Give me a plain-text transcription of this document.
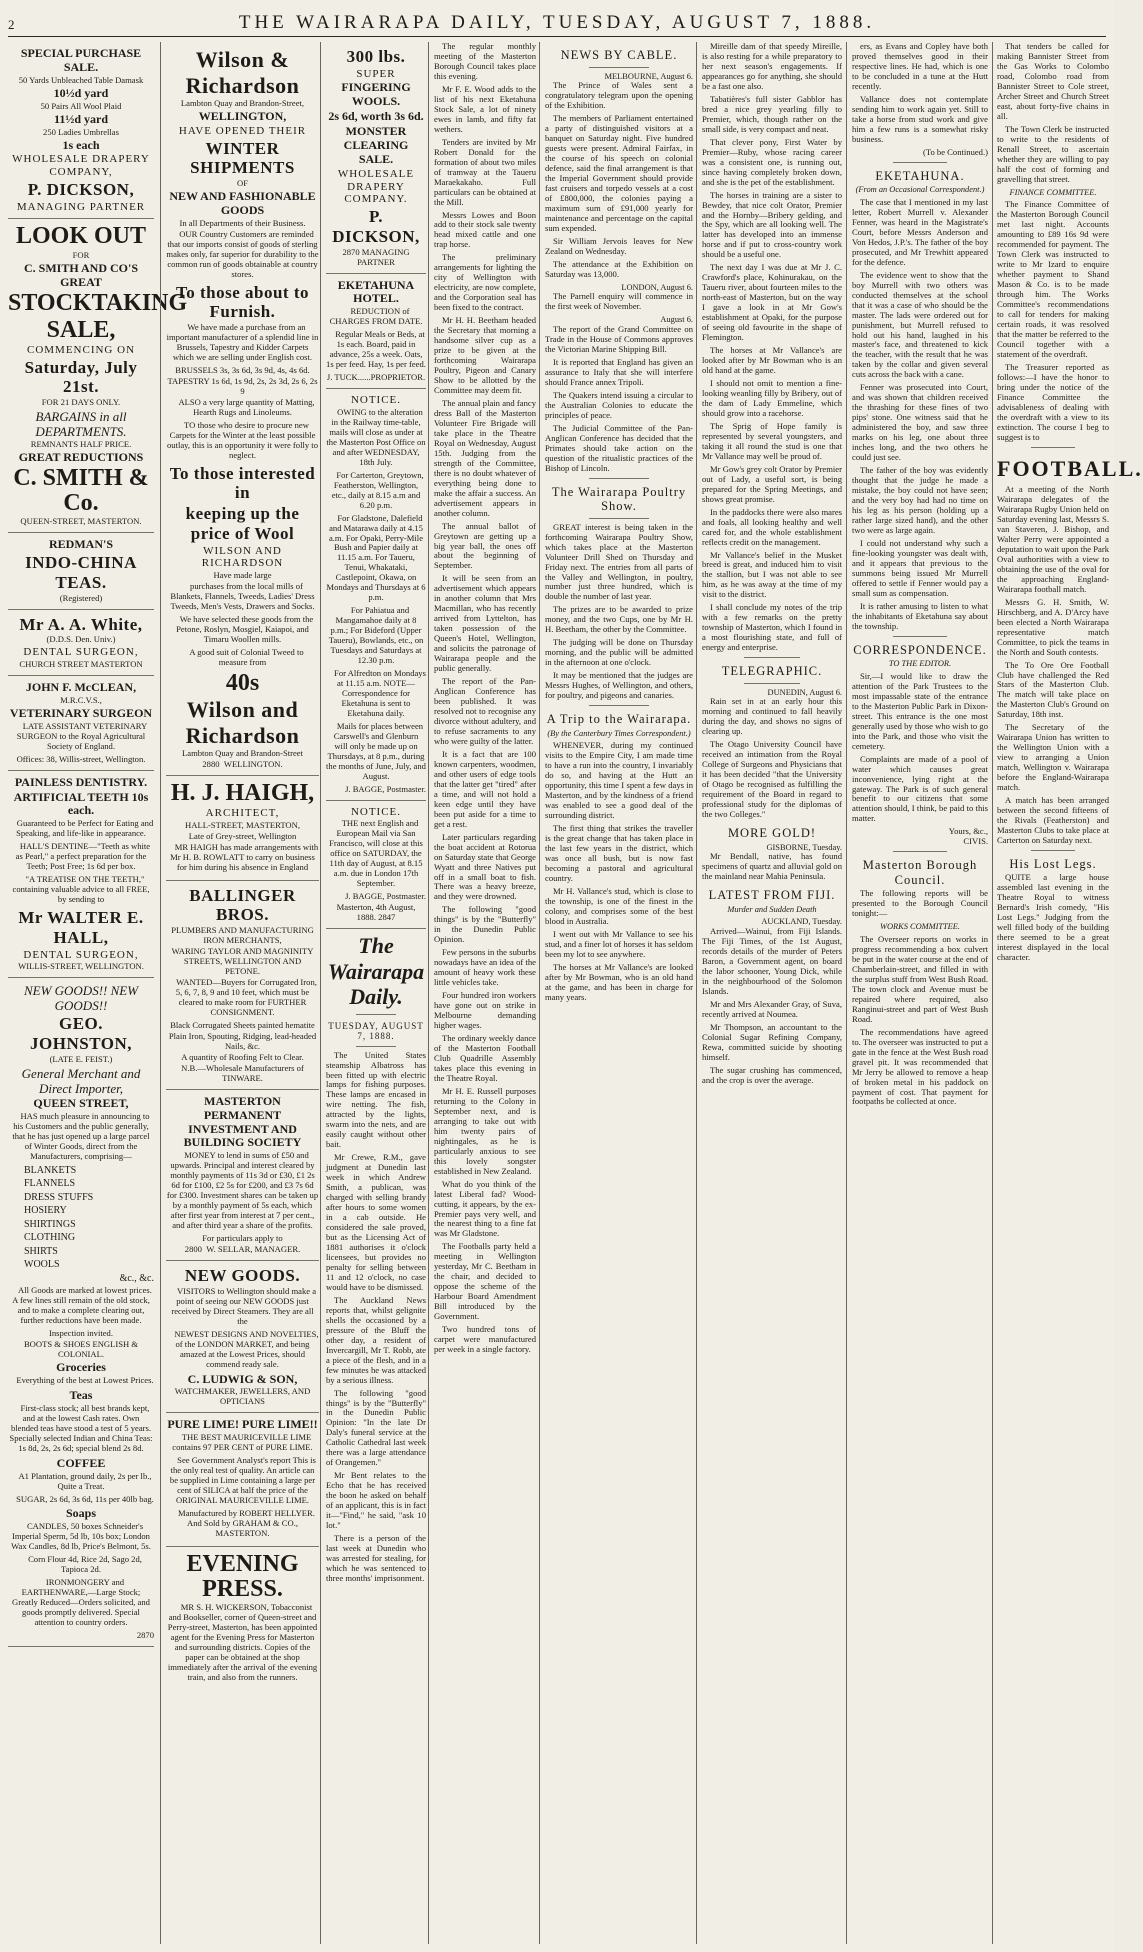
2	THE WAIRARAPA DAILY, TUESDAY, AUGUST 7, 1888.
SPECIAL PURCHASE SALE.
50 Yards Unbleached Table Damask
10½d yard
50 Pairs All Wool Plaid
11½d yard
250 Ladies Umbrellas
1s each
WHOLESALE DRAPERY COMPANY,
P. DICKSON,
MANAGING PARTNER
LOOK OUT
FOR
C. SMITH AND CO'S
GREAT
STOCKTAKING
SALE,
COMMENCING ON
Saturday, July 21st.
FOR 21 DAYS ONLY.
BARGAINS in all DEPARTMENTS.
REMNANTS HALF PRICE.
GREAT REDUCTIONS
C. SMITH & Co.
QUEEN-STREET, MASTERTON.
REDMAN'S
INDO-CHINA TEAS.
(Registered)
Mr A. A. White,
(D.D.S. Den. Univ.)
DENTAL SURGEON,
CHURCH STREET MASTERTON
JOHN F. McCLEAN,
M.R.C.V.S.,
VETERINARY SURGEON

LATE ASSISTANT VETERINARY SURGEON to the Royal Agricultural Society of England.

Offices: 38, Willis-street, Wellington.
PAINLESS DENTISTRY.
ARTIFICIAL TEETH 10s each.

Guaranteed to be Perfect for Eating and Speaking, and life-like in appearance.

HALL'S DENTINE—"Teeth as white as Pearl," a perfect preparation for the Teeth; Post Free; 1s 6d per box.

"A TREATISE ON THE TEETH," containing valuable advice to all FREE, by sending to

Mr WALTER E. HALL,
DENTAL SURGEON,
WILLIS-STREET, WELLINGTON.
NEW GOODS!! NEW GOODS!!
GEO. JOHNSTON,
(LATE E. FEIST.)
General Merchant and Direct Importer,
QUEEN STREET,

HAS much pleasure in announcing to his Customers and the public generally, that he has just opened up a large parcel of Winter Goods, direct from the Manufacturers, comprising—

BLANKETS
FLANNELS
DRESS STUFFS
HOSIERY
SHIRTINGS
CLOTHING
SHIRTS
WOOLS
&c., &c.

All Goods are marked at lowest prices. A few lines still remain of the old stock, and to make a complete clearing out, further reductions have been made.

Inspection invited.
BOOTS & SHOES ENGLISH & COLONIAL.
Groceries

Everything of the best at Lowest Prices.

Teas

First-class stock; all best brands kept, and at the lowest Cash rates. Own blended teas have stood a test of 5 years. Specially selected Indian and China Teas: 1s 8d, 2s, 2s 6d; special blend 2s 8d.

COFFEE

A1 Plantation, ground daily, 2s per lb., Quite a Treat.

SUGAR, 2s 6d, 3s 6d, 11s per 40lb bag.

Soaps

CANDLES, 50 boxes Schneider's Imperial Sperm, 5d lb, 10s box; London Wax Candles, 8d lb, Price's Belmont, 5s.

Corn Flour 4d, Rice 2d, Sago 2d, Tapioca 2d.

IRONMONGERY and EARTHENWARE,—Large Stock; Greatly Reduced—Orders solicited, and goods promptly delivered. Special attention to country orders.

2870
Wilson & Richardson
Lambton Quay and Brandon-Street,
WELLINGTON,
HAVE OPENED THEIR
WINTER SHIPMENTS
OF
NEW AND FASHIONABLE GOODS
In all Departments of their Business.

OUR Country Customers are reminded that our imports consist of goods of sterling makes only, far superior for durability to the common run of goods obtainable at country stores.

To those about to Furnish.

We have made a purchase from an important manufacturer of a splendid line in Brussels, Tapestry and Kidder Carpets which we are selling under English cost.

BRUSSELS 3s, 3s 6d, 3s 9d, 4s, 4s 6d.
TAPESTRY 1s 6d, 1s 9d, 2s, 2s 3d, 2s 6, 2s 9

ALSO a very large quantity of Matting, Hearth Rugs and Linoleums.

TO those who desire to procure new Carpets for the Winter at the least possible outlay, this is an opportunity it were folly to neglect.

To those interested in
keeping up the price of Wool
WILSON AND RICHARDSON
Have made large

purchases from the local mills of Blankets, Flannels, Tweeds, Ladies' Dress Tweeds, Men's Vests, Drawers and Socks.

We have selected these goods from the Petone, Roslyn, Mosgiel, Kaiapoi, and Timaru Woollen mills.

A good suit of Colonial Tweed to measure from

40s
Wilson and Richardson
Lambton Quay and Brandon-Street
2880 WELLINGTON.
H. J. HAIGH,
ARCHITECT,
HALL-STREET, MASTERTON,
Late of Grey-street, Wellington

MR HAIGH has made arrangements with Mr H. B. ROWLATT to carry on business for him during his absence in England

BALLINGER BROS.
PLUMBERS AND MANUFACTURING IRON MERCHANTS,
WARING TAYLOR AND MAGNINITY STREETS, WELLINGTON AND PETONE.

WANTED—Buyers for Corrugated Iron, 5, 6, 7, 8, 9 and 10 feet, which must be cleared to make room for FURTHER CONSIGNMENT.

Black Corrugated Sheets painted hematite
Plain Iron, Spouting, Ridging, lead-headed Nails, &c.
A quantity of Roofing Felt to Clear.
N.B.—Wholesale Manufacturers of TINWARE.
MASTERTON PERMANENT INVESTMENT AND BUILDING SOCIETY

MONEY to lend in sums of £50 and upwards. Principal and interest cleared by monthly payments of 11s 3d or £30, £1 2s 6d for £100, £2 5s for £200, and £3 7s 6d for £300. Investment shares can be taken up by a monthly payment of 5s each, which after first year from interest at 7 per cent., and after third year a share of the profits.

For particulars apply to
2800 W. SELLAR, MANAGER.
NEW GOODS.

VISITORS to Wellington should make a point of seeing our NEW GOODS just received by Direct Steamers. They are all the

NEWEST DESIGNS AND NOVELTIES, of the LONDON MARKET, and being amazed at the Lowest Prices, should commend ready sale.

C. LUDWIG & SON,
WATCHMAKER, JEWELLERS, AND OPTICIANS
PURE LIME! PURE LIME!!

THE BEST MAURICEVILLE LIME contains 97 PER CENT of PURE LIME.

See Government Analyst's report This is the only real test of quality. An article can be supplied in Lime containing a large per cent of SILICA at half the price of the ORIGINAL MAURICEVILLE LIME.

Manufactured by ROBERT HELLYER. And Sold by GRAHAM & CO., MASTERTON.

EVENING PRESS.

MR S. H. WICKERSON, Tobacconist and Bookseller, corner of Queen-street and Perry-street, Masterton, has been appointed agent for the Evening Press for Masterton and surrounding districts. Copies of the paper can be obtained at the shop immediately after the arrival of the evening train, and also from the runners.

300 lbs.
SUPER
FINGERING WOOLS.
2s 6d, worth 3s 6d.
MONSTER CLEARING SALE.
WHOLESALE DRAPERY COMPANY.
P. DICKSON,
2870 MANAGING PARTNER
EKETAHUNA HOTEL.

REDUCTION of CHARGES FROM DATE.

Regular Meals or Beds, at 1s each. Board, paid in advance, 25s a week. Oats, 1s per feed. Hay, 1s per feed.

J. TUCK......PROPRIETOR.
NOTICE.

OWING to the alteration in the Railway time-table, mails will close as under at the Masterton Post Office on and after WEDNESDAY, 18th July.

For Carterton, Greytown, Featherston, Wellington, etc., daily at 8.15 a.m and 6.20 p.m.

For Gladstone, Dalefield and Matarawa daily at 4.15 a.m. For Opaki, Perry-Mile Bush and Papier daily at 11.15 a.m. For Taueru, Tenui, Whakataki, Castlepoint, Okawa, on Mondays and Thursdays at 6 p.m.

For Pahiatua and Mangamahoe daily at 8 p.m.; For Bideford (Upper Taueru), Bowlands, etc., on Tuesdays and Saturdays at 12.30 p.m.

For Alfredton on Mondays at 11.15 a.m. NOTE—Correspondence for Eketahuna is sent to Eketahuna daily.

Mails for places between Carswell's and Glenburn will only be made up on Thursdays, at 8 p.m., during the months of June, July, and August.

J. BAGGE, Postmaster.
NOTICE.

THE next English and European Mail via San Francisco, will close at this office on SATURDAY, the 11th day of August, at 8.15 a.m. due in London 17th September.

J. BAGGE, Postmaster.
Masterton, 4th August, 1888. 2847
The Wairarapa Daily.
TUESDAY, AUGUST 7, 1888.

The United States steamship Albatross has been fitted up with electric lamps for fishing purposes. These lamps are encased in wire netting. The fish, attracted by the lights, swarm into the nets, and are easily caught without other bait.

Mr Crewe, R.M., gave judgment at Dunedin last week in which Andrew Smith, a publican, was charged with selling brandy after hours to some women in a cab outside. He considered the sale proved, but as the Licensing Act of 1881 authorises it o'clock licensees, but provides no penalty for selling between 11 and 12 o'clock, no case would have to be dismissed.

The Auckland News reports that, whilst gelignite shells the occasioned by a pressure of the Bluff the other day, a resident of Invercargill, Mr T. Robb, ate a piece of the flesh, and in a few minutes he was attacked by a serious illness.

The following "good things" is by the "Butterfly" in the Dunedin Public Opinion: "In the late Dr Daly's funeral service at the Catholic Cathedral last week there was a large attendance of Orangemen."

Mr Bent relates to the Echo that he has received the boon he asked on behalf of an applicant, this is in fact it—"Find," he said, "ask 10 lot."

There is a person of the last week at Dunedin who was arrested for stealing, for which he was sentenced to three months' imprisonment.

The regular monthly meeting of the Masterton Borough Council takes place this evening.

Mr F. E. Wood adds to the list of his next Eketahuna Stock Sale, a lot of ninety ewes in lamb, and fifty fat wethers.

Tenders are invited by Mr Robert Donald for the formation of about two miles of tramway at the Taueru Maraekakaho. Full particulars can be obtained at the Mill.

Messrs Lowes and Boon add to their stock sale twenty head mixed cattle and one trap horse.

The preliminary arrangements for lighting the city of Wellington with electricity, are now complete, and the Corporation seal has been fixed to the contract.

Mr H. H. Beetham headed the Secretary that morning a handsome silver cup as a prize to be given at the forthcoming Wairarapa Poultry, Pigeon and Canary Show to be allotted by the Committee may deem fit.

The annual plain and fancy dress Ball of the Masterton Volunteer Fire Brigade will take place in the Theatre Royal on Wednesday, August 15th. Judging from the strength of the Committee, there is no doubt whatever of everything being done to make the affair a success. An advertisement appears in another column.

The annual ballot of Greytown are getting up a big year ball, the ones off about the beginning of September.

It will be seen from an advertisement which appears in another column that Mrs Macmillan, who has recently arrived from Lyttelton, has taken possession of the Queen's Hotel, Wellington, and solicits the patronage of Wairarapa people and the public generally.

The report of the Pan-Anglican Conference has been published. It was resolved not to recognise any divorce without adultery, and to refuse sacraments to any who were guilty of the latter.

It is a fact that are 100 known carpenters, woodmen, and other users of edge tools that the latter get "tired" after a time, and will not hold a keen edge until they have been put aside for a time to get a rest.

Later particulars regarding the boat accident at Rotorua on Saturday state that George Wyatt and three Natives put off in a small boat to fish. There was a heavy breeze, and they were drowned.

The following "good things" is by the "Butterfly" in the Dunedin Public Opinion.

Few persons in the suburbs nowadays have an idea of the amount of heavy work these little vehicles take.

Four hundred iron workers have gone out on strike in Melbourne demanding higher wages.

The ordinary weekly dance of the Masterton Football Club Quadrille Assembly takes place this evening in the Theatre Royal.

Mr H. E. Russell purposes returning to the Colony in September next, and is arranging to take out with him twenty pairs of nightingales, as he is particularly anxious to see this lovely songster established in New Zealand.

What do you think of the latest Liberal fad? Wood-cutting, it appears, by the ex-Premier pays very well, and the nearest thing to a fine fat was Mr Gladstone.

The Footballs party held a meeting in Wellington yesterday, Mr C. Beetham in the chair, and decided to oppose the scheme of the Harbour Board Amendment Bill introduced by the Government.

Two hundred tons of carpet were manufactured per week in a single factory.

NEWS BY CABLE.
MELBOURNE, August 6.

The Prince of Wales sent a congratulatory telegram upon the opening of the Exhibition.

The members of Parliament entertained a party of distinguished visitors at a banquet on Saturday night. Five hundred guests were present. Admiral Fairfax, in the course of his speech on colonial defence, said the final arrangement is that the Imperial Government should provide fast cruisers and torpedo vessels at a cost of £800,000, the colonies paying a maximum sum of £91,000 yearly for maintenance and percentage on the capital sum expended.

Sir William Jervois leaves for New Zealand on Wednesday.

The attendance at the Exhibition on Saturday was 13,000.

LONDON, August 6.

The Parnell enquiry will commence in the first week of November.

August 6.

The report of the Grand Committee on Trade in the House of Commons approves the Victorian Marine Shipping Bill.

It is reported that England has given an assurance to Italy that she will interfere should France annex Tripoli.

The Quakers intend issuing a circular to the Australian Colonies to educate the principles of peace.

The Judicial Committee of the Pan-Anglican Conference has decided that the Primates should take action on the question of the ritualistic practices of the Bishop of Lincoln.

The Wairarapa Poultry Show.

GREAT interest is being taken in the forthcoming Wairarapa Poultry Show, which takes place at the Masterton Volunteer Drill Shed on Thursday and Friday next. The entries from all parts of the Valley and Wellington, in poultry, number just three hundred, which is double the number of last year.

The prizes are to be awarded to prize money, and the two Cups, one by Mr H. H. Beetham, the other by the Committee.

The judging will be done on Thursday morning, and the public will be admitted in the afternoon at one o'clock.

It may be mentioned that the judges are Messrs Hughes, of Wellington, and others, for poultry, and pigeons and canaries.

A Trip to the Wairarapa.
(By the Canterbury Times Correspondent.)

WHENEVER, during my continued visits to the Empire City, I am made time to have a run into the country, I invariably do so, and having at the Hutt an opportunity, this time I spent a few days in Masterton, and by the kindness of a friend was enabled to see a good deal of the surrounding district.

The first thing that strikes the traveller is the great change that has taken place in the last few years in the district, which was once all bush, but is now fast becoming a pastoral and agricultural country.

Mr H. Vallance's stud, which is close to the township, is one of the finest in the colony, and comprises some of the best blood in Australia.

I went out with Mr Vallance to see his stud, and a finer lot of horses it has seldom been my lot to see anywhere.

The horses at Mr Vallance's are looked after by Mr Bowman, who is an old hand at the game, and has been in charge for many years.

Mireille dam of that speedy Mireille, is also resting for a while preparatory to her next season's engagements. If appearances go for anything, she should be a fast one also.

Tabatières's full sister Gabblor has bred a nice grey yearling filly to Premier, which, though rather on the small side, is very compact and neat.

That clever pony, First Water by Premier—Ruby, whose racing career was a consistent one, is running out, since having completely broken down, and she is the pet of the establishment.

The horses in training are a sister to Bewdey, that nice colt Orator, Premier and the Hornby—Bribery gelding, and the Spy, which are all looking well. The latter has developed into an immense horse and if put to cross-country work should be a useful one.

The next day I was due at Mr J. C. Crawford's place, Kohinurakau, on the Taueru river, about fourteen miles to the north-east of Masterton, but on the way I gave a look in at Mr Gow's establishment at Opaki, for the purpose of seeing old favourite in the shape of Flemington.

The horses at Mr Vallance's are looked after by Mr Bowman who is an old hand at the game.

I should not omit to mention a fine-looking weanling filly by Bribery, out of the dam of Lady Emmeline, which should grow into a racehorse.

The Sprig of Hope family is represented by several youngsters, and taking it all round the stud is one that Mr Vallance may well be proud of.

Mr Gow's grey colt Orator by Premier out of Lady, a useful sort, is being prepared for the Spring Meetings, and shows great promise.

In the paddocks there were also mares and foals, all looking healthy and well cared for, and the whole establishment reflects credit on the management.

Mr Vallance's belief in the Musket breed is great, and induced him to visit the stallion, but I was not able to see him, as he was away at the time of my visit to the district.

I shall conclude my notes of the trip with a few remarks on the pretty township of Masterton, which I found in a most flourishing state, and full of energy and enterprise.

TELEGRAPHIC.
DUNEDIN, August 6.

Rain set in at an early hour this morning and continued to fall heavily during the day, and shows no signs of clearing up.

The Otago University Council have received an intimation from the Royal College of Surgeons and Physicians that it has been decided "that the University of Otago be recognised as fulfilling the requirement of the Board in regard to professional study for the diplomas of the two Colleges."

MORE GOLD!
GISBORNE, Tuesday.

Mr Bendall, native, has found specimens of quartz and alluvial gold on the mainland near Mahia Peninsula.

LATEST FROM FIJI.
Murder and Sudden Death
AUCKLAND, Tuesday.

Arrived—Wainui, from Fiji Islands. The Fiji Times, of the 1st August, records details of the murder of Peters Baron, a Government agent, on board the labor schooner, Young Dick, while in the neighbourhood of the Solomon Islands.

Mr and Mrs Alexander Gray, of Suva, recently arrived at Noumea.

Mr Thompson, an accountant to the Colonial Sugar Refining Company, Rewa, committed suicide by shooting himself.

The sugar crushing has commenced, and the crop is over the average.

ers, as Evans and Copley have both proved themselves good in their respective lines. He had, which is one to be concluded in a tune at the Hutt recently.

Vallance does not contemplate sending him to work again yet. Still to take a horse from stud work and give him a few runs is a somewhat risky business.

(To be Continued.)
EKETAHUNA.
(From an Occasional Correspondent.)

The case that I mentioned in my last letter, Robert Murrell v. Alexander Fenner, was heard in the Magistrate's Court, before Messrs Anderson and Von Hedos, J.P.'s. The father of the boy prosecuted, and Mr Trewhitt appeared for the defence.

The evidence went to show that the boy Murrell with two others was conducted themselves at the school that it was a case of who should be the master. The lads were ordered out for punishment, but Murrell refused to hold out his hand, laughed in his master's face, and threatened to kick the teacher, with the result that he was taken by the collar and given several cuts across the back with a cane.

Fenner was prosecuted into Court, and was shown that children received the thrashing for these fines of two pips' stone. One witness said that he administered the boy, and saw three marks on his leg, one about three inches long, and the two others he could just see.

The father of the boy was evidently thought that the judge he made a mistake, the boy could not have seen; and the very boy had had no time on his leg as his person (holding up a rather large sized hand), and the other two were as large again.

I could not understand why such a fine-looking youngster was dealt with, and it appears that previous to the summons being issued Mr Murrell offered to settle if Fenner would pay a small sum as compensation.

It is rather amusing to listen to what the inhabitants of Eketahuna say about the township.

CORRESPONDENCE.
TO THE EDITOR.

Sir,—I would like to draw the attention of the Park Trustees to the most impassable state of the entrance to the Masterton Public Park in Dixon-street. This entrance is the one most generally used by those who wish to go into the Park, and those who visit the cemetery.

Complaints are made of a pool of water which causes great inconvenience, lying right at the gateway. The Park is of such general benefit to our citizens that some attention should, I think, be paid to this matter.

Yours, &c.,
CIVIS.
Masterton Borough Council.

The following reports will be presented to the Borough Council tonight:—

WORKS COMMITTEE.

The Overseer reports on works in progress recommending a box culvert be put in the water course at the end of Chamberlain-street, and filled in with the surplus stuff from West Bush Road. The town clock and Avenue must be repaired where required, also Ranginui-street and part of West Bush Road.

The recommendations have agreed to. The overseer was instructed to put a gate in the fence at the West Bush road gravel pit. It was recommended that Mr Jerry be allowed to remove a heap of broken metal in his paddock on payment of cost. That payment for footpaths be collected at once.

That tenders be called for making Bannister Street from the Gas Works to Colombo road, Colombo road from Bannister Street to Cole street, Archer Street and Church Street east, about forty-five chains in all.

The Town Clerk be instructed to write to the residents of Renall Street, to ascertain whether they are willing to pay half the cost of forming and gravelling that street.

FINANCE COMMITTEE.

The Finance Committee of the Masterton Borough Council met last night. Accounts amounting to £89 16s 9d were recommended for payment. The Town Clerk was instructed to write to Mr Izard to enquire whether payment to Shand Mason & Co. is to be made through him. The Works Committee's recommendations to call for tenders for making certain roads, it was resolved that the matter be referred to the Council together with a statement of the overdraft.

The Treasurer reported as follows:—I have the honor to bring under the notice of the Finance Committee the advisableness of dealing with the overdraft with a view to its extinction. The course I beg to suggest is to

FOOTBALL.

At a meeting of the North Wairarapa delegates of the Wairarapa Rugby Union held on Saturday evening last, Messrs S. van Staveren, J. Bishop, and Walter Perry were appointed a deputation to wait upon the Park Oval authorities with a view to obtaining the use of the oval for the approaching England-Wairarapa football match.

Messrs G. H. Smith, W. Hirschberg, and A. D'Arcy have been elected a North Wairarapa representative match Committee, to pick the teams in the North and South contests.

The To Ore Ore Football Club have challenged the Red Stars of the Masterton Club. The match will take place on the Masterton Club's Ground on Saturday, 18th inst.

The Secretary of the Wairarapa Union has written to the Wellington Union with a view to arranging a Union match, Wellington v. Wairarapa before the England-Wairarapa match.

A match has been arranged between the second fifteens of the Rivals (Featherston) and Masterton Clubs to take place at Carterton on Saturday next.

His Lost Legs.

QUITE a large house assembled last evening in the Theatre Royal to witness Bernard's Irish comedy, "His Lost Legs." Judging from the well filled body of the building there seemed to be a great interest displayed in the local character.
